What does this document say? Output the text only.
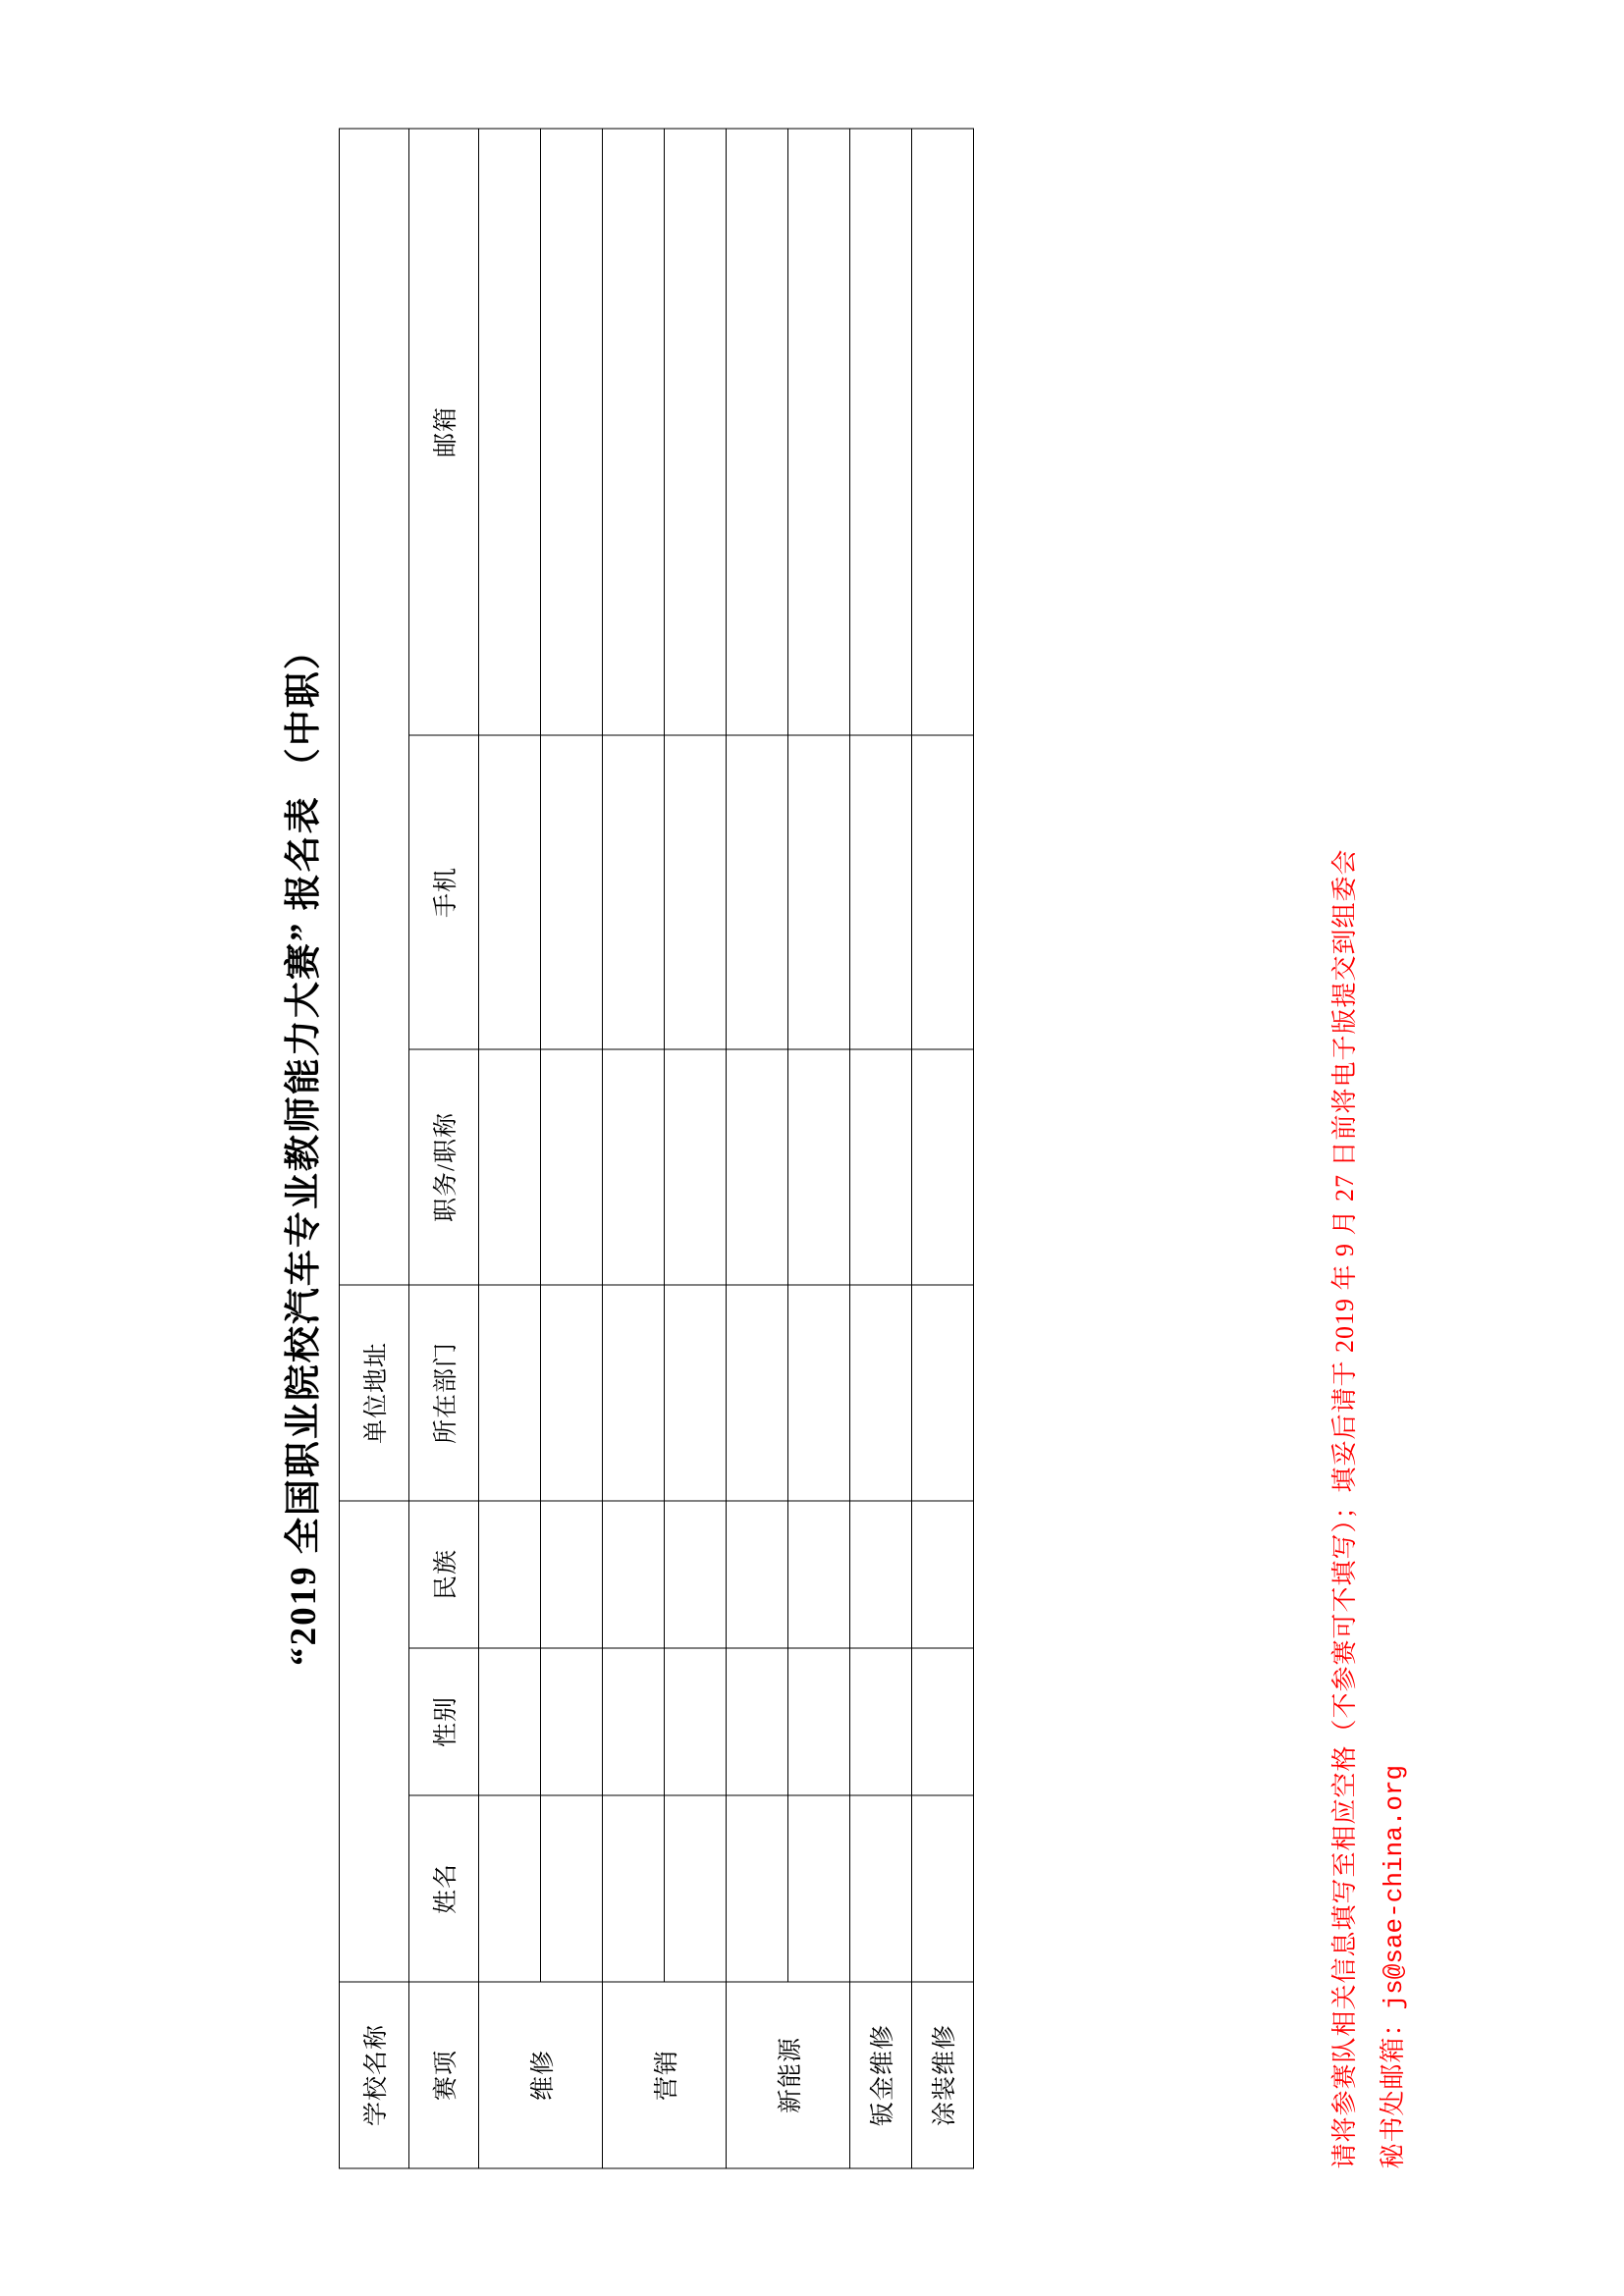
“2019 全国职业院校汽车专业教师能力大赛” 报名表 （中职）
学校名称				单位地址			
赛项	姓名	性别	民族	所在部门	职务/职称	手机	邮箱
维修							

营销							

新能源							

钣金维修							
涂装维修								请将参赛队相关信息填写至相应空格（不参赛可不填写）；填妥后请于 2019 年 9 月 27 日前将电子版提交到组委会 秘书处邮箱：js@sae-china.org
